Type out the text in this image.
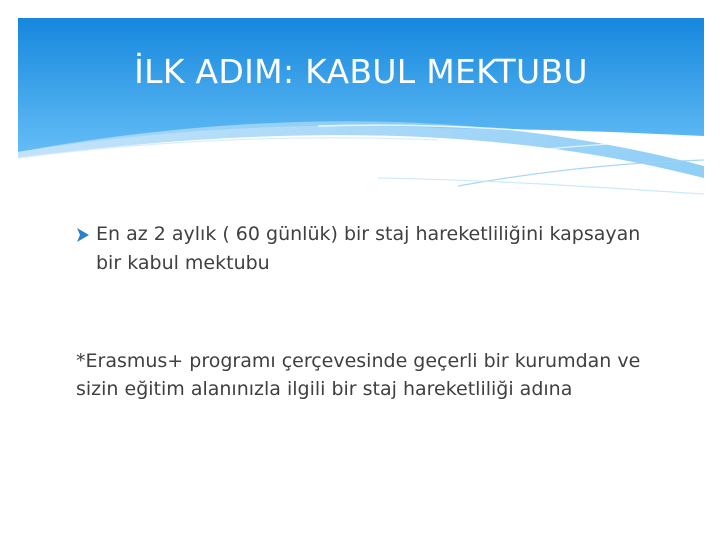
İLK ADIM: KABUL MEKTUBU
En az 2 aylık ( 60 günlük) bir staj hareketliliğini kapsayan bir kabul mektubu
*Erasmus+ programı çerçevesinde geçerli bir kurumdan ve sizin eğitim alanınızla ilgili bir staj hareketliliği adına
